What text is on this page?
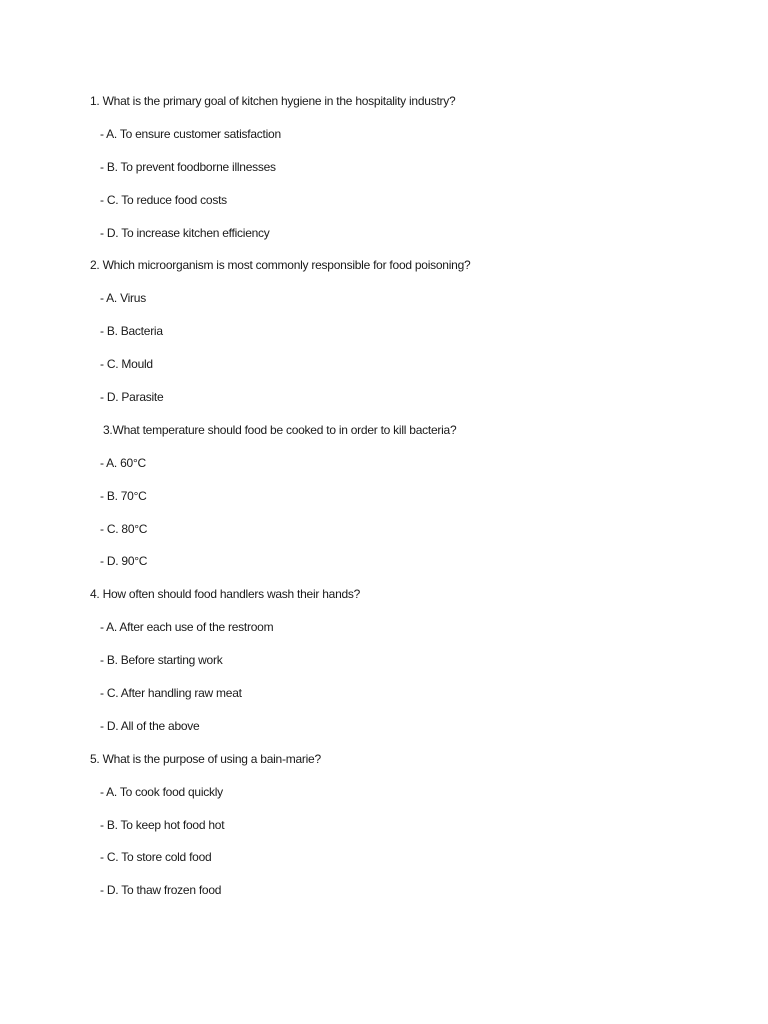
1. What is the primary goal of kitchen hygiene in the hospitality industry?
- A. To ensure customer satisfaction
- B. To prevent foodborne illnesses
- C. To reduce food costs
- D. To increase kitchen efficiency
2. Which microorganism is most commonly responsible for food poisoning?
- A. Virus
- B. Bacteria
- C. Mould
- D. Parasite
3.What temperature should food be cooked to in order to kill bacteria?
- A. 60°C
- B. 70°C
- C. 80°C
- D. 90°C
4. How often should food handlers wash their hands?
- A. After each use of the restroom
- B. Before starting work
- C. After handling raw meat
- D. All of the above
5. What is the purpose of using a bain-marie?
- A. To cook food quickly
- B. To keep hot food hot
- C. To store cold food
- D. To thaw frozen food
